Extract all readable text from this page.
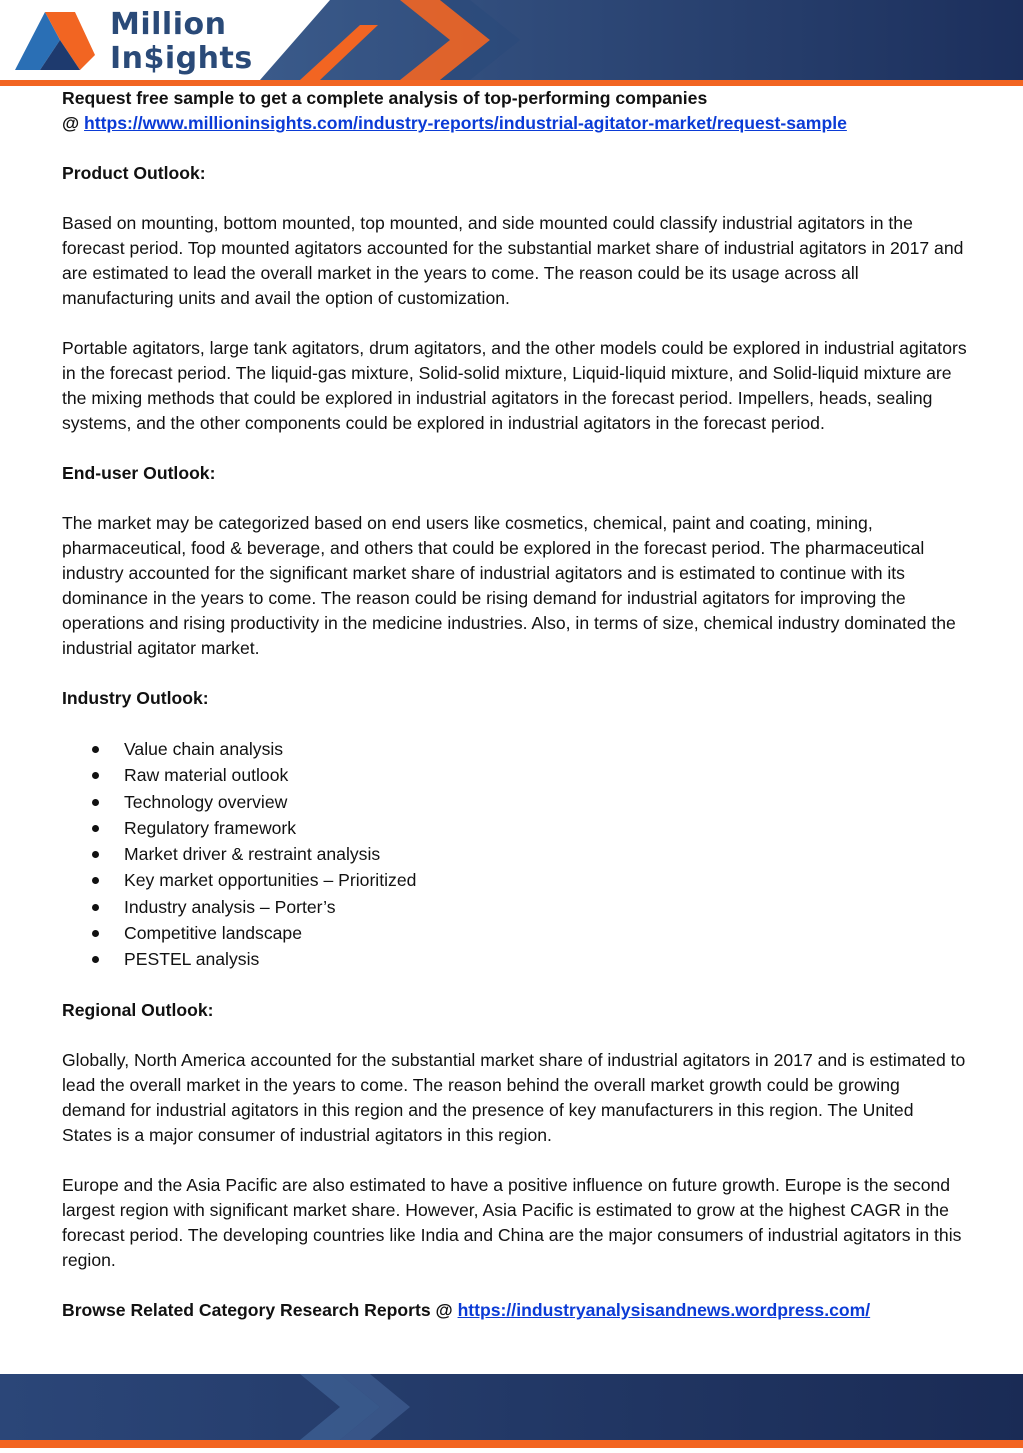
Million
In$ights

Request free sample to get a complete analysis of top-performing companies

@ https://www.millioninsights.com/industry-reports/industrial-agitator-market/request-sample

Product Outlook:

Based on mounting, bottom mounted, top mounted, and side mounted could classify industrial agitators in the forecast period. Top mounted agitators accounted for the substantial market share of industrial agitators in 2017 and are estimated to lead the overall market in the years to come. The reason could be its usage across all manufacturing units and avail the option of customization.

Portable agitators, large tank agitators, drum agitators, and the other models could be explored in industrial agitators in the forecast period. The liquid-gas mixture, Solid-solid mixture, Liquid-liquid mixture, and Solid-liquid mixture are the mixing methods that could be explored in industrial agitators in the forecast period. Impellers, heads, sealing systems, and the other components could be explored in industrial agitators in the forecast period.

End-user Outlook:

The market may be categorized based on end users like cosmetics, chemical, paint and coating, mining, pharmaceutical, food & beverage, and others that could be explored in the forecast period. The pharmaceutical industry accounted for the significant market share of industrial agitators and is estimated to continue with its dominance in the years to come. The reason could be rising demand for industrial agitators for improving the operations and rising productivity in the medicine industries. Also, in terms of size, chemical industry dominated the industrial agitator market.

Industry Outlook:

Value chain analysis
Raw material outlook
Technology overview
Regulatory framework
Market driver & restraint analysis
Key market opportunities – Prioritized
Industry analysis – Porter’s
Competitive landscape
PESTEL analysis

Regional Outlook:

Globally, North America accounted for the substantial market share of industrial agitators in 2017 and is estimated to lead the overall market in the years to come. The reason behind the overall market growth could be growing demand for industrial agitators in this region and the presence of key manufacturers in this region. The United States is a major consumer of industrial agitators in this region.

Europe and the Asia Pacific are also estimated to have a positive influence on future growth. Europe is the second largest region with significant market share. However, Asia Pacific is estimated to grow at the highest CAGR in the forecast period. The developing countries like India and China are the major consumers of industrial agitators in this region.

Browse Related Category Research Reports @ https://industryanalysisandnews.wordpress.com/
